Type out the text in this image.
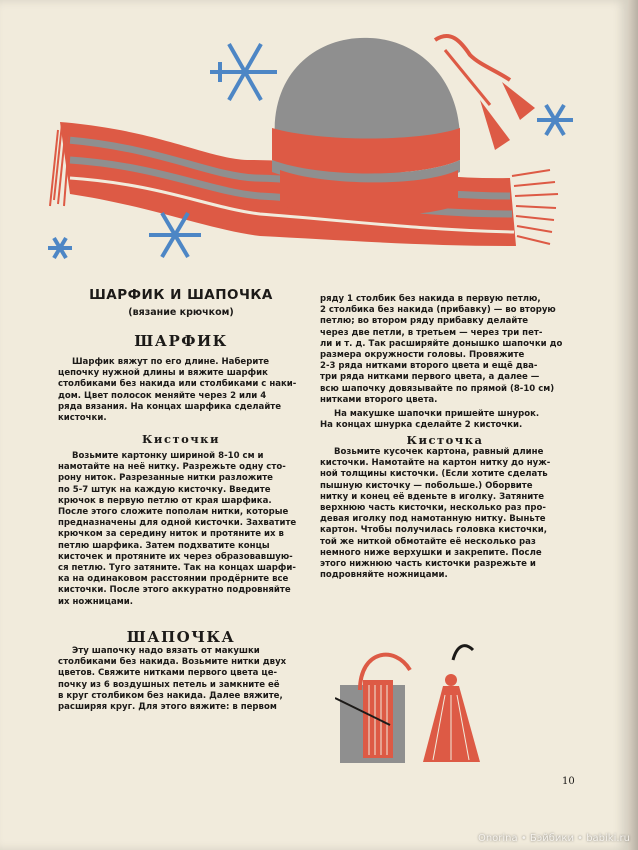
ШАРФИК И ШАПОЧКА
(вязание крючком)
ШАРФИК
Шарфик вяжут по его длине. Наберите
цепочку нужной длины и вяжите шарфик
столбиками без накида или столбиками с наки-
дом. Цвет полосок меняйте через 2 или 4
ряда вязания. На концах шарфика сделайте
кисточки.
Кисточки
Возьмите картонку шириной 8-10 см и
намотайте на неё нитку. Разрежьте одну сто-
рону ниток. Разрезанные нитки разложите
по 5-7 штук на каждую кисточку. Введите
крючок в первую петлю от края шарфика.
После этого сложите пополам нитки, которые
предназначены для одной кисточки. Захватите
крючком за середину ниток и протяните их в
петлю шарфика. Затем подхватите концы
кисточек и протяните их через образовавшую-
ся петлю. Туго затяните. Так на концах шарфи-
ка на одинаковом расстоянии продёрните все
кисточки. После этого аккуратно подровняйте
их ножницами.
ШАПОЧКА
Эту шапочку надо вязать от макушки
столбиками без накида. Возьмите нитки двух
цветов. Свяжите нитками первого цвета це-
почку из 6 воздушных петель и замкните её
в круг столбиком без накида. Далее вяжите,
расширяя круг. Для этого вяжите: в первом
ряду 1 столбик без накида в первую петлю,
2 столбика без накида (прибавку) — во вторую
петлю; во втором ряду прибавку делайте
через две петли, в третьем — через три пет-
ли и т. д. Так расширяйте донышко шапочки до
размера окружности головы. Провяжите
2-3 ряда нитками второго цвета и ещё два-
три ряда нитками первого цвета, а далее —
всю шапочку довязывайте по прямой (8-10 см)
нитками второго цвета.
На макушке шапочки пришейте шнурок.
На концах шнурка сделайте 2 кисточки.
Кисточка
Возьмите кусочек картона, равный длине
кисточки. Намотайте на картон нитку до нуж-
ной толщины кисточки. (Если хотите сделать
пышную кисточку — побольше.) Оборвите
нитку и конец её вденьте в иголку. Затяните
верхнюю часть кисточки, несколько раз про-
девая иголку под намотанную нитку. Выньте
картон. Чтобы получилась головка кисточки,
той же ниткой обмотайте её несколько раз
немного ниже верхушки и закрепите. После
этого нижнюю часть кисточки разрежьте и
подровняйте ножницами.
10
Onorina • Бэйбики • babiki.ru
